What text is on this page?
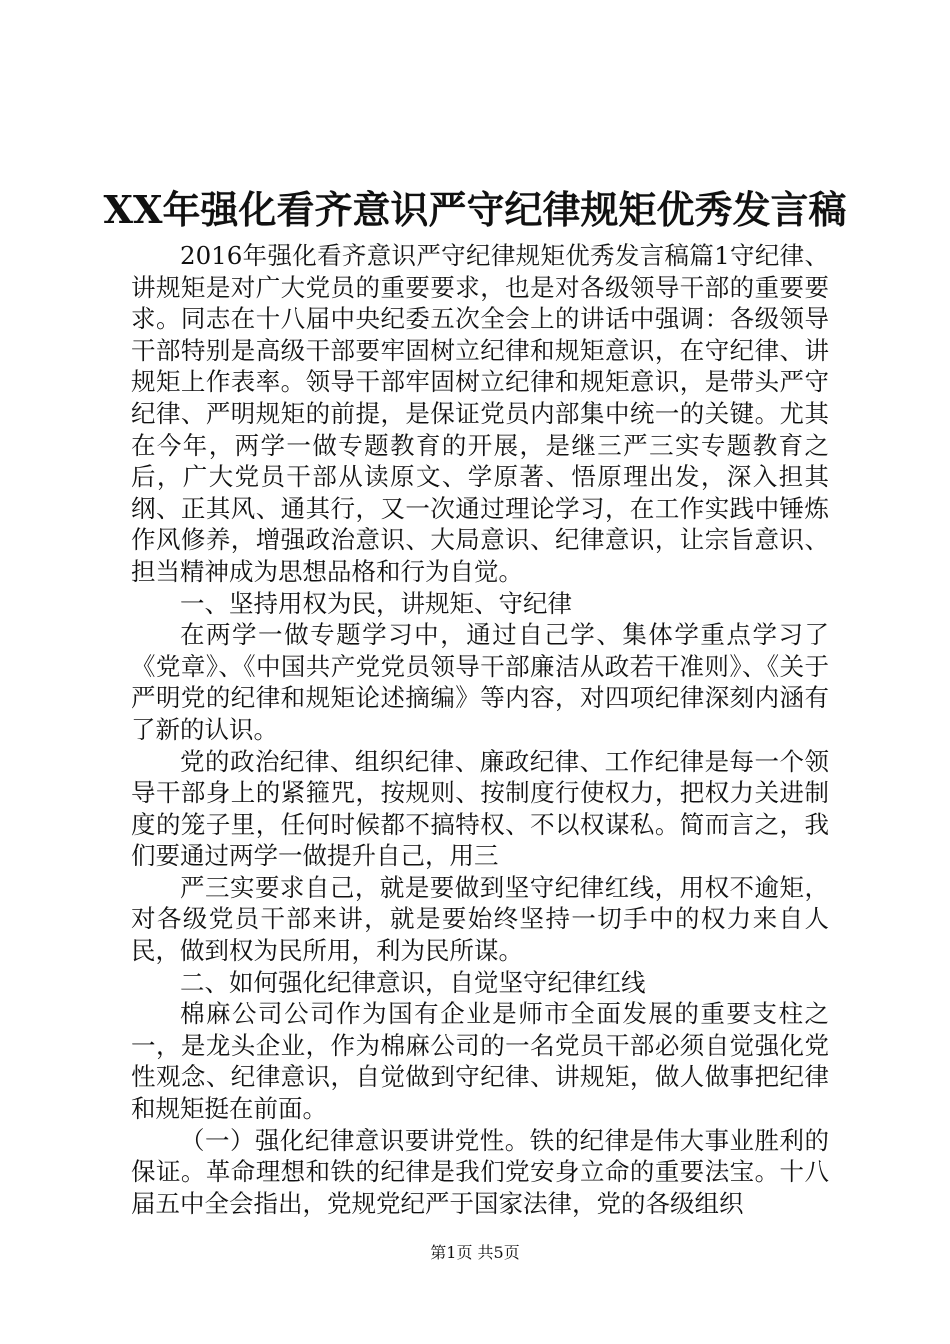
XX年强化看齐意识严守纪律规矩优秀发言稿

2016年强化看齐意识严守纪律规矩优秀发言稿篇1守纪律、讲规矩是对广大党员的重要要求，也是对各级领导干部的重要要求。同志在十八届中央纪委五次全会上的讲话中强调：各级领导干部特别是高级干部要牢固树立纪律和规矩意识，在守纪律、讲规矩上作表率。领导干部牢固树立纪律和规矩意识，是带头严守纪律、严明规矩的前提，是保证党员内部集中统一的关键。尤其在今年，两学一做专题教育的开展，是继三严三实专题教育之后，广大党员干部从读原文、学原著、悟原理出发，深入担其纲、正其风、通其行，又一次通过理论学习，在工作实践中锤炼作风修养，增强政治意识、大局意识、纪律意识，让宗旨意识、担当精神成为思想品格和行为自觉。

一、坚持用权为民，讲规矩、守纪律

在两学一做专题学习中，通过自己学、集体学重点学习了《党章》、《中国共产党党员领导干部廉洁从政若干准则》、《关于严明党的纪律和规矩论述摘编》等内容，对四项纪律深刻内涵有了新的认识。

党的政治纪律、组织纪律、廉政纪律、工作纪律是每一个领导干部身上的紧箍咒，按规则、按制度行使权力，把权力关进制度的笼子里，任何时候都不搞特权、不以权谋私。简而言之，我们要通过两学一做提升自己，用三

严三实要求自己，就是要做到坚守纪律红线，用权不逾矩，对各级党员干部来讲，就是要始终坚持一切手中的权力来自人民，做到权为民所用，利为民所谋。

二、如何强化纪律意识，自觉坚守纪律红线

棉麻公司公司作为国有企业是师市全面发展的重要支柱之一，是龙头企业，作为棉麻公司的一名党员干部必须自觉强化党性观念、纪律意识，自觉做到守纪律、讲规矩，做人做事把纪律和规矩挺在前面。

（一）强化纪律意识要讲党性。铁的纪律是伟大事业胜利的保证。革命理想和铁的纪律是我们党安身立命的重要法宝。十八届五中全会指出，党规党纪严于国家法律，党的各级组织

第1页 共5页
